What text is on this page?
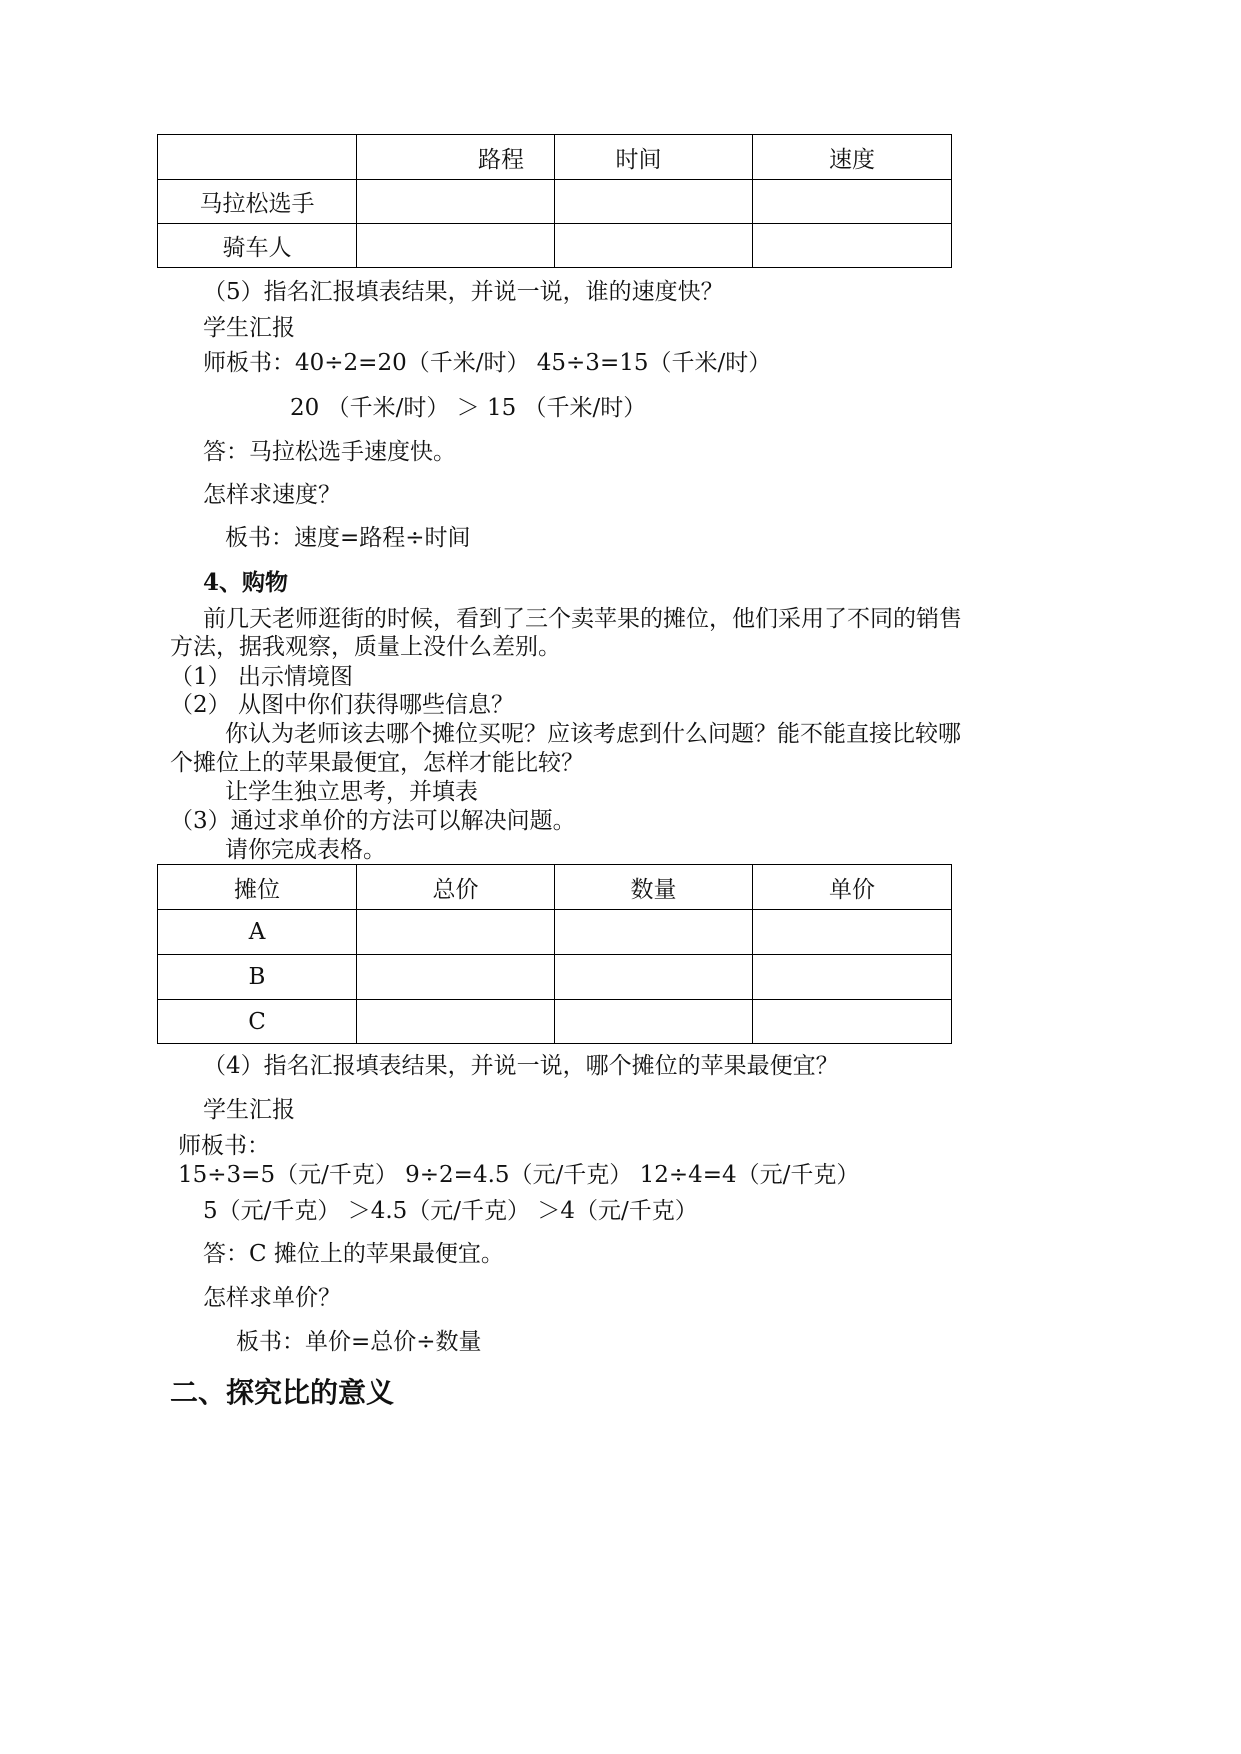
	路程	时间	速度
马拉松选手			
骑车人			
（5）指名汇报填表结果，并说一说，谁的速度快？
学生汇报
师板书：40÷2=20（千米/时） 45÷3=15（千米/时）
20 （千米/时） ＞ 15 （千米/时）
答：马拉松选手速度快。
怎样求速度？
板书：速度=路程÷时间
4、购物
前几天老师逛街的时候，看到了三个卖苹果的摊位，他们采用了不同的销售
方法，据我观察，质量上没什么差别。
（1） 出示情境图
（2） 从图中你们获得哪些信息？
你认为老师该去哪个摊位买呢？应该考虑到什么问题？能不能直接比较哪
个摊位上的苹果最便宜，怎样才能比较？
让学生独立思考，并填表
（3）通过求单价的方法可以解决问题。
请你完成表格。
摊位	总价	数量	单价
A			
B			
C			
（4）指名汇报填表结果，并说一说，哪个摊位的苹果最便宜？
学生汇报
师板书：
15÷3=5（元/千克） 9÷2=4.5（元/千克） 12÷4=4（元/千克）
5（元/千克） ＞4.5（元/千克） ＞4（元/千克）
答：C 摊位上的苹果最便宜。
怎样求单价？
板书：单价=总价÷数量
二、探究比的意义
